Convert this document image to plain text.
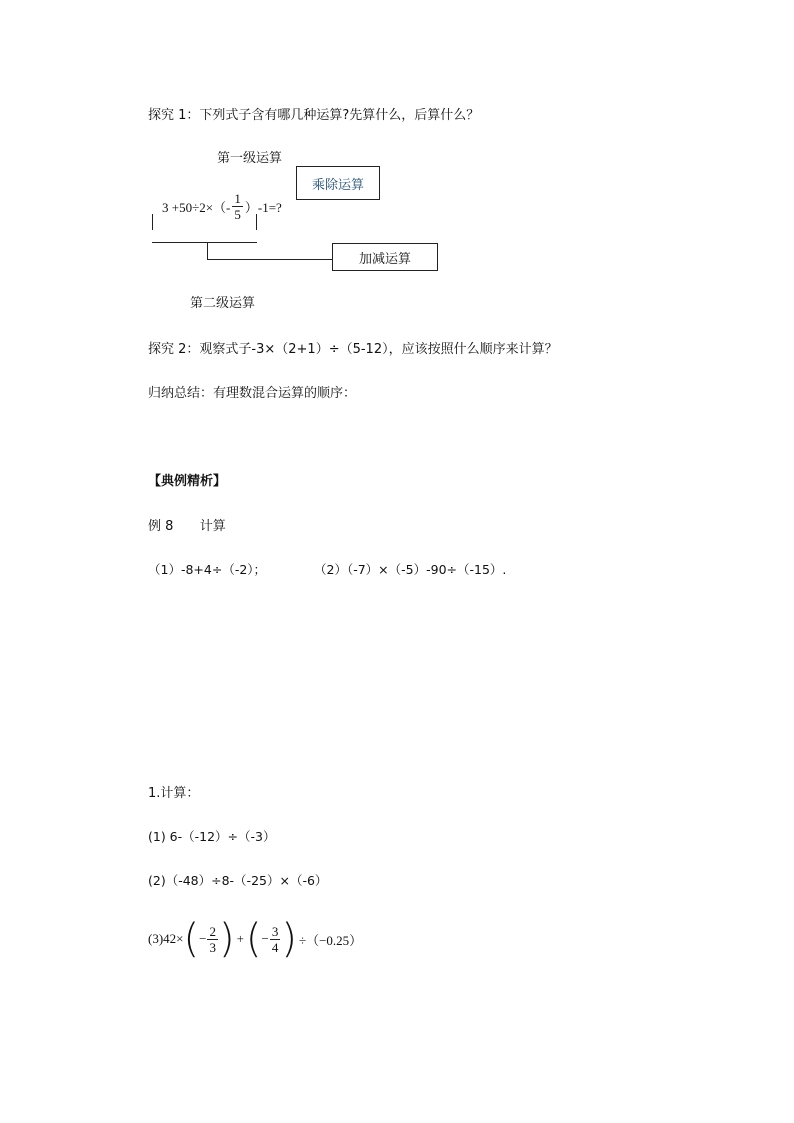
探究 1：下列式子含有哪几种运算?先算什么，后算什么？
第一级运算
乘除运算
$3 +50\div 2\times(- \frac{1}{5} )-1=$?
加减运算
第二级运算
探究 2：观察式子-3×（2+1）÷（5-12），应该按照什么顺序来计算？
归纳总结：有理数混合运算的顺序：
【典例精析】
例 8 计算
（1）-8+4÷（-2）；	（2）（-7）×（-5）-90÷（-15）.
1.计算：
(1) 6-（-12）÷（-3）
(2)（-48）÷8-（-25）×（-6）
(3)42× ( − $\frac{2}{3}$ ) + ( − $\frac{3}{4}$ ) ÷（−0.25）
